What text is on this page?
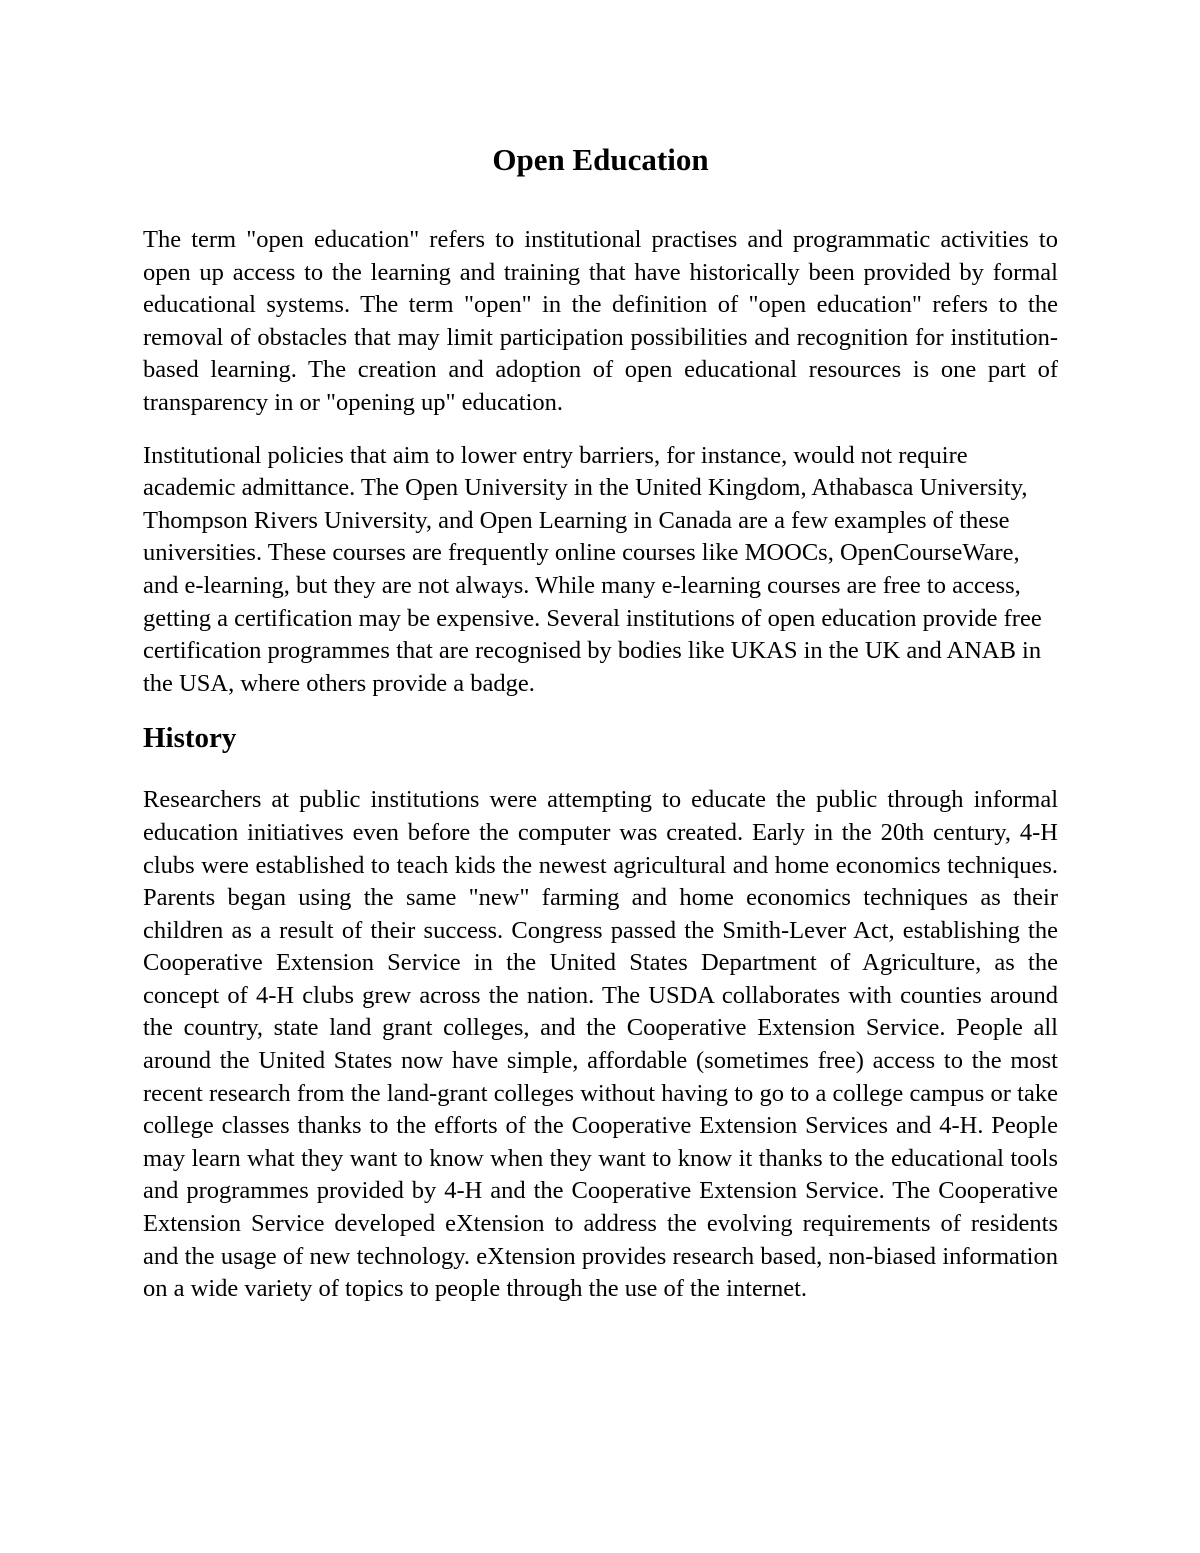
Open Education

The term "open education" refers to institutional practises and programmatic activities to open up access to the learning and training that have historically been provided by formal educational systems. The term "open" in the definition of "open education" refers to the removal of obstacles that may limit participation possibilities and recognition for institution-based learning. The creation and adoption of open educational resources is one part of transparency in or "opening up" education.

Institutional policies that aim to lower entry barriers, for instance, would not require academic admittance. The Open University in the United Kingdom, Athabasca University, Thompson Rivers University, and Open Learning in Canada are a few examples of these universities. These courses are frequently online courses like MOOCs, OpenCourseWare, and e-learning, but they are not always. While many e-learning courses are free to access, getting a certification may be expensive. Several institutions of open education provide free certification programmes that are recognised by bodies like UKAS in the UK and ANAB in the USA, where others provide a badge.

History

Researchers at public institutions were attempting to educate the public through informal education initiatives even before the computer was created. Early in the 20th century, 4-H clubs were established to teach kids the newest agricultural and home economics techniques. Parents began using the same "new" farming and home economics techniques as their children as a result of their success. Congress passed the Smith-Lever Act, establishing the Cooperative Extension Service in the United States Department of Agriculture, as the concept of 4-H clubs grew across the nation. The USDA collaborates with counties around the country, state land grant colleges, and the Cooperative Extension Service. People all around the United States now have simple, affordable (sometimes free) access to the most recent research from the land-grant colleges without having to go to a college campus or take college classes thanks to the efforts of the Cooperative Extension Services and 4-H. People may learn what they want to know when they want to know it thanks to the educational tools and programmes provided by 4-H and the Cooperative Extension Service. The Cooperative Extension Service developed eXtension to address the evolving requirements of residents and the usage of new technology. eXtension provides research based, non-biased information on a wide variety of topics to people through the use of the internet.
